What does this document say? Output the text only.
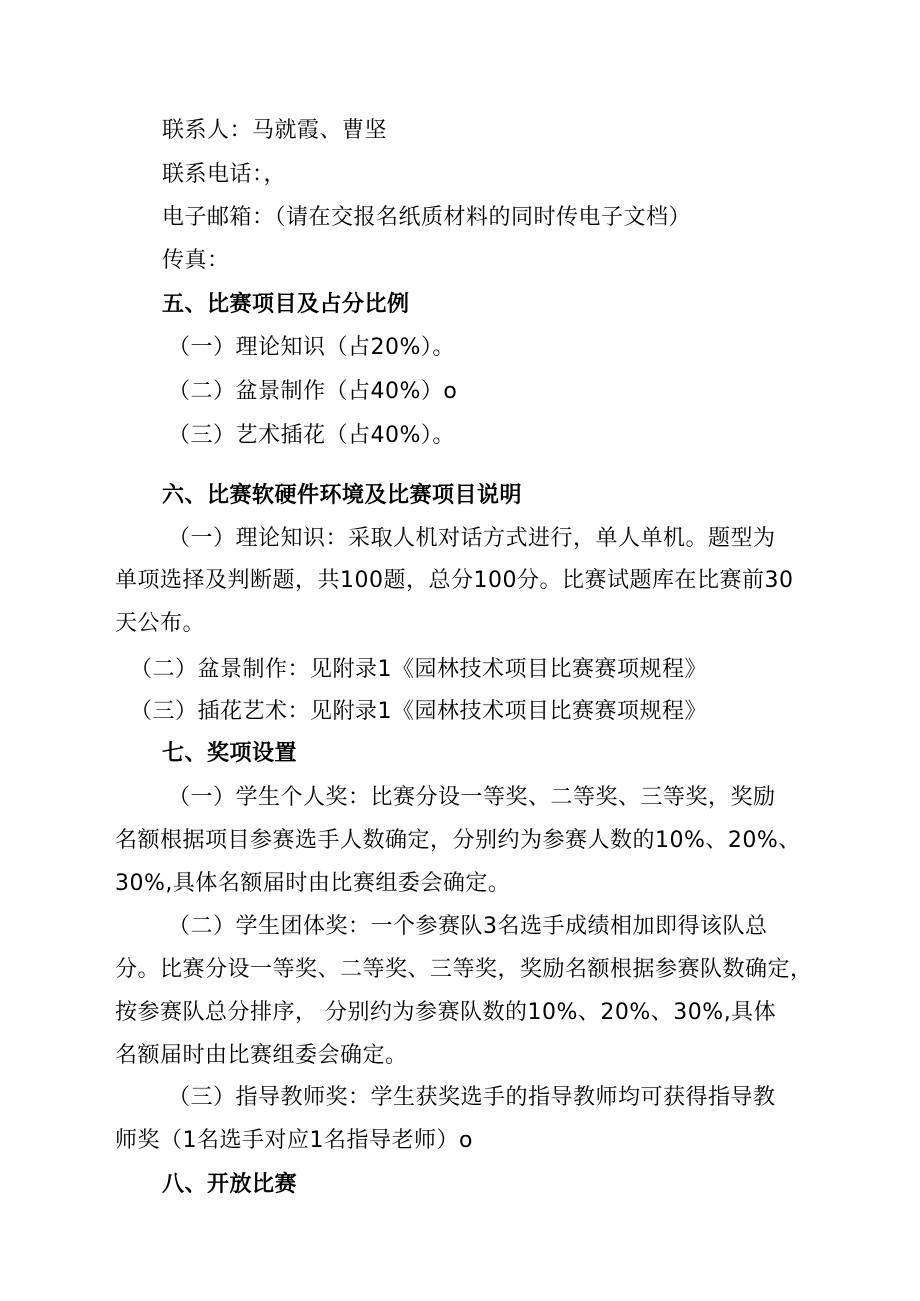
联系人：马就霞、曹坚
联系电话：，
电子邮箱：（请在交报名纸质材料的同时传电子文档）
传真：
五、比赛项目及占分比例
（一）理论知识（占20%）。
（二）盆景制作（占40%）o
（三）艺术插花（占40%）。
六、比赛软硬件环境及比赛项目说明
（一）理论知识：采取人机对话方式进行，单人单机。题型为
单项选择及判断题，共100题，总分100分。比赛试题库在比赛前30
天公布。
（二）盆景制作：见附录1《园林技术项目比赛赛项规程》
（三）插花艺术：见附录1《园林技术项目比赛赛项规程》
七、奖项设置
（一）学生个人奖：比赛分设一等奖、二等奖、三等奖，奖励
名额根据项目参赛选手人数确定，分别约为参赛人数的10%、20%、
30%,具体名额届时由比赛组委会确定。
（二）学生团体奖：一个参赛队3名选手成绩相加即得该队总
分。比赛分设一等奖、二等奖、三等奖，奖励名额根据参赛队数确定，
按参赛队总分排序， 分别约为参赛队数的10%、20%、30%,具体
名额届时由比赛组委会确定。
（三）指导教师奖：学生获奖选手的指导教师均可获得指导教
师奖（1名选手对应1名指导老师）o
八、开放比赛
